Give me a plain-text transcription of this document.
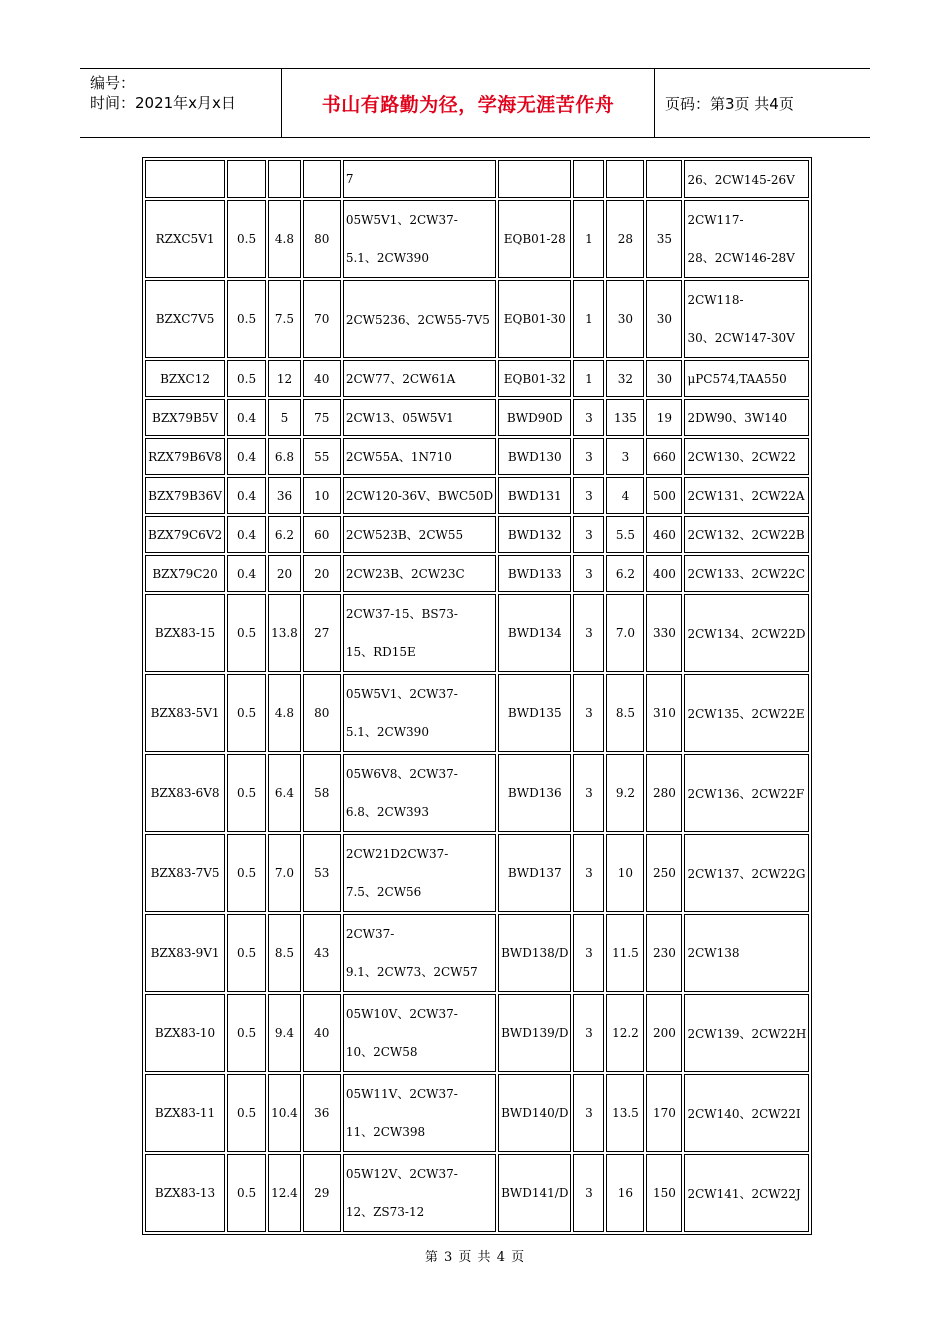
编号：
时间：2021年x月x日	书山有路勤为径，学海无涯苦作舟	页码：第3页 共4页
				7					26、2CW145-26V
RZXC5V1	0.5	4.8	80	05W5V1、2CW37-
5.1、2CW390	EQB01-28	1	28	35	2CW117-
28、2CW146-28V

BZXC7V5	0.5	7.5	70	2CW5236、2CW55-7V5	EQB01-30	1	30	30	2CW118-
30、2CW147-30V

BZXC12	0.5	12	40	2CW77、2CW61A	EQB01-32	1	32	30	μPC574,TAA550
BZX79B5V	0.4	5	75	2CW13、05W5V1	BWD90D	3	135	19	2DW90、3W140
RZX79B6V8	0.4	6.8	55	2CW55A、1N710	BWD130	3	3	660	2CW130、2CW22
BZX79B36V	0.4	36	10	2CW120-36V、BWC50D	BWD131	3	4	500	2CW131、2CW22A
BZX79C6V2	0.4	6.2	60	2CW523B、2CW55	BWD132	3	5.5	460	2CW132、2CW22B
BZX79C20	0.4	20	20	2CW23B、2CW23C	BWD133	3	6.2	400	2CW133、2CW22C
BZX83-15	0.5	13.8	27	2CW37-15、BS73-
15、RD15E	BWD134	3	7.0	330	2CW134、2CW22D
BZX83-5V1	0.5	4.8	80	05W5V1、2CW37-
5.1、2CW390	BWD135	3	8.5	310	2CW135、2CW22E
BZX83-6V8	0.5	6.4	58	05W6V8、2CW37-
6.8、2CW393	BWD136	3	9.2	280	2CW136、2CW22F
BZX83-7V5	0.5	7.0	53	2CW21D2CW37-
7.5、2CW56	BWD137	3	10	250	2CW137、2CW22G
BZX83-9V1	0.5	8.5	43	2CW37-
9.1、2CW73、2CW57	BWD138/D	3	11.5	230	2CW138
BZX83-10	0.5	9.4	40	05W10V、2CW37-
10、2CW58	BWD139/D	3	12.2	200	2CW139、2CW22H
BZX83-11	0.5	10.4	36	05W11V、2CW37-
11、2CW398	BWD140/D	3	13.5	170	2CW140、2CW22I
BZX83-13	0.5	12.4	29	05W12V、2CW37-
12、ZS73-12	BWD141/D	3	16	150	2CW141、2CW22J
第 3 页 共 4 页
